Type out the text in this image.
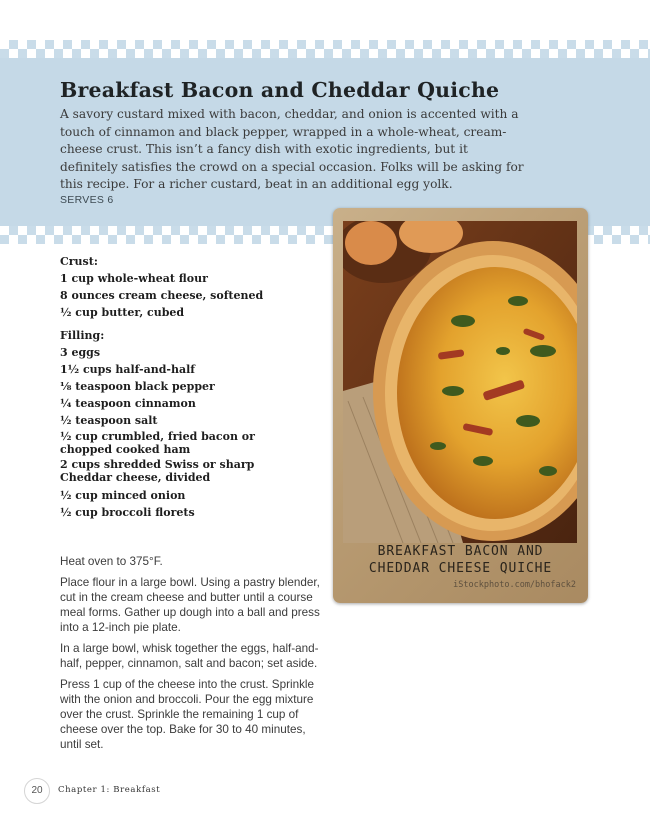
Breakfast Bacon and Cheddar Quiche

A savory custard mixed with bacon, cheddar, and onion is accented with a touch of cinnamon and black pepper, wrapped in a whole-wheat, cream-cheese crust. This isn’t a fancy dish with exotic ingredients, but it definitely satisfies the crowd on a special occasion. Folks will be asking for this recipe. For a richer custard, beat in an additional egg yolk.

SERVES 6

Crust:

1 cup whole-wheat flour
8 ounces cream cheese, softened
½ cup butter, cubed

Filling:

3 eggs
1½ cups half-and-half
⅛ teaspoon black pepper
¼ teaspoon cinnamon
½ teaspoon salt
½ cup crumbled, fried bacon or chopped cooked ham
2 cups shredded Swiss or sharp Cheddar cheese, divided
½ cup minced onion
½ cup broccoli florets

Heat oven to 375°F.

Place flour in a large bowl. Using a pastry blender, cut in the cream cheese and butter until a course meal forms. Gather up dough into a ball and press into a 12-inch pie plate.

In a large bowl, whisk together the eggs, half-and-half, pepper, cinnamon, salt and bacon; set aside.

Press 1 cup of the cheese into the crust. Sprinkle with the onion and broccoli. Pour the egg mixture over the crust. Sprinkle the remaining 1 cup of cheese over the top. Bake for 30 to 40 minutes, until set.

BREAKFAST BACON AND
CHEDDAR CHEESE QUICHE
iStockphoto.com/bhofack2
20	Chapter 1: Breakfast
